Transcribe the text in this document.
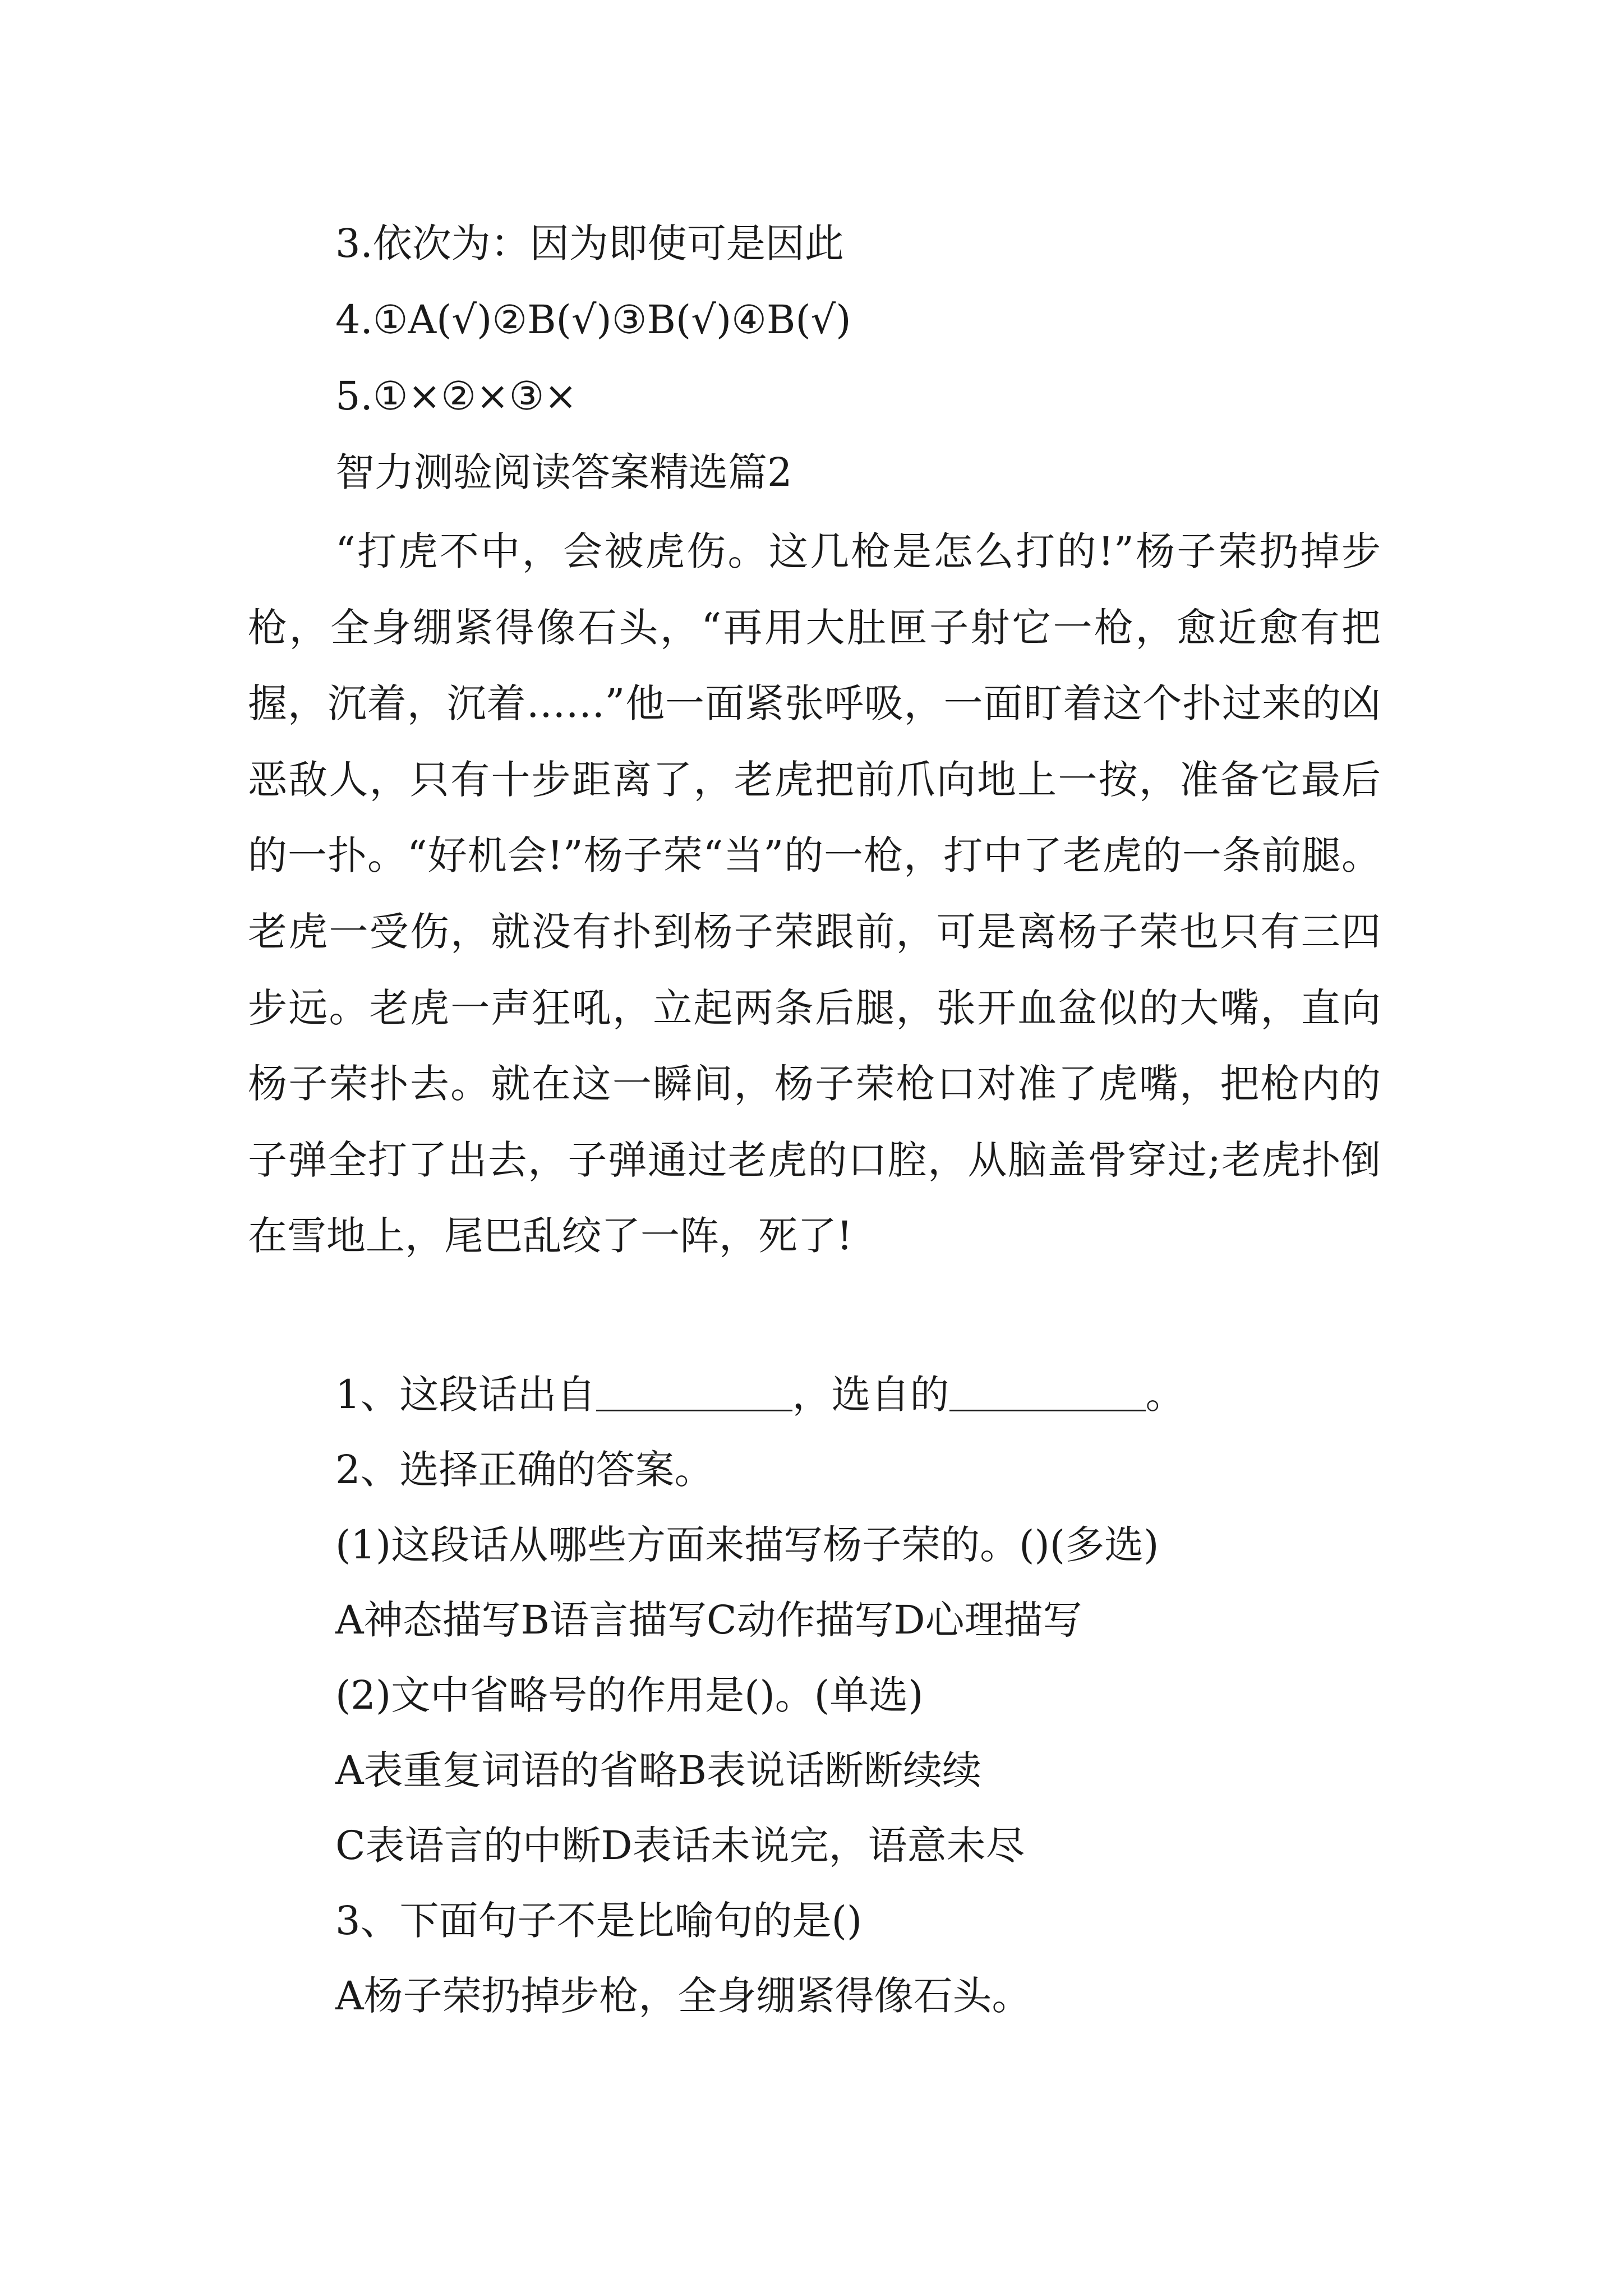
3.依次为：因为即使可是因此
4.①A(√)②B(√)③B(√)④B(√)
5.①×②×③×
智力测验阅读答案精选篇2

“打虎不中，会被虎伤。这几枪是怎么打的!”杨子荣扔掉步枪，全身绷紧得像石头，“再用大肚匣子射它一枪，愈近愈有把握，沉着，沉着……”他一面紧张呼吸，一面盯着这个扑过来的凶恶敌人，只有十步距离了，老虎把前爪向地上一按，准备它最后的一扑。“好机会!”杨子荣“当”的一枪，打中了老虎的一条前腿。老虎一受伤，就没有扑到杨子荣跟前，可是离杨子荣也只有三四步远。老虎一声狂吼，立起两条后腿，张开血盆似的大嘴，直向杨子荣扑去。就在这一瞬间，杨子荣枪口对准了虎嘴，把枪内的子弹全打了出去，子弹通过老虎的口腔，从脑盖骨穿过;老虎扑倒在雪地上，尾巴乱绞了一阵，死了!

1、这段话出自	，选自的	。
2、选择正确的答案。
(1)这段话从哪些方面来描写杨子荣的。()(多选)
A神态描写B语言描写C动作描写D心理描写
(2)文中省略号的作用是()。(单选)
A表重复词语的省略B表说话断断续续
C表语言的中断D表话未说完，语意未尽
3、下面句子不是比喻句的是()
A杨子荣扔掉步枪，全身绷紧得像石头。
